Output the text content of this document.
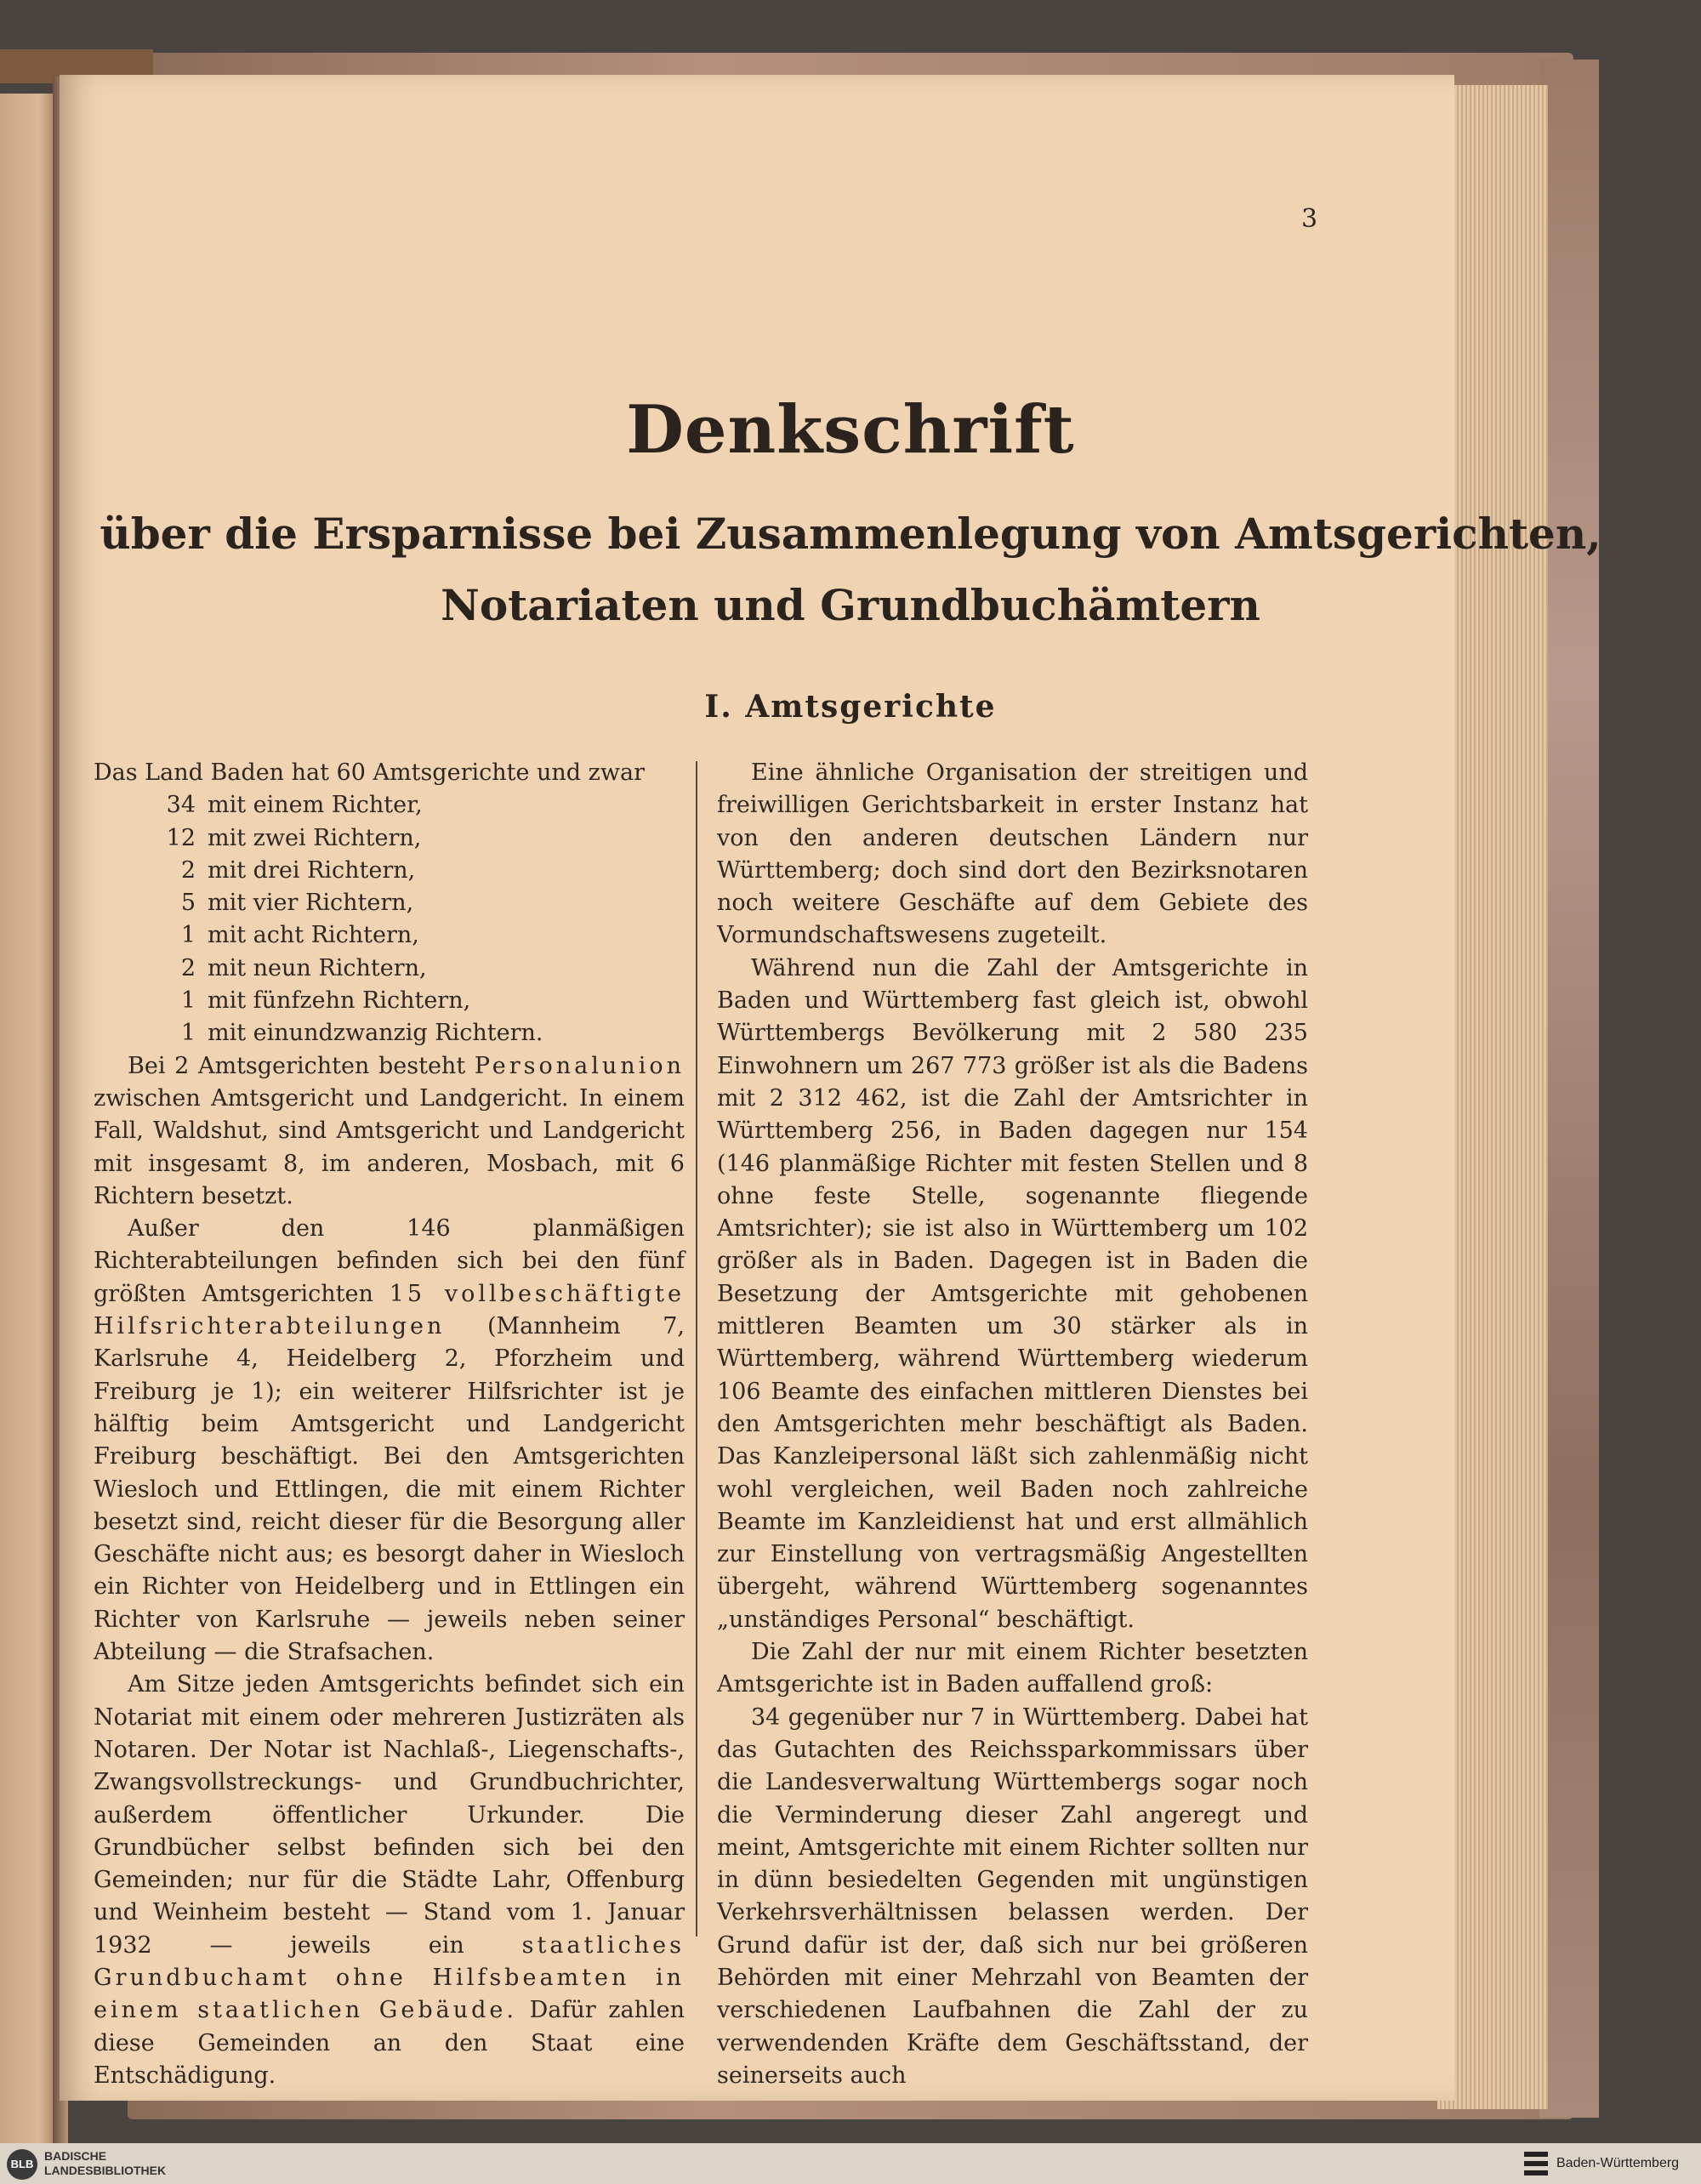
3
Denkschrift
über die Ersparnisse bei Zusammenlegung von Amtsgerichten,
Notariaten und Grundbuchämtern
I. Amtsgerichte

Das Land Baden hat 60 Amtsgerichte und zwar

34 mit einem Richter,
12 mit zwei Richtern,
2 mit drei Richtern,
5 mit vier Richtern,
1 mit acht Richtern,
2 mit neun Richtern,
1 mit fünfzehn Richtern,
1 mit einundzwanzig Richtern.

Bei 2 Amtsgerichten besteht Personalunion zwischen Amtsgericht und Landgericht. In einem Fall, Waldshut, sind Amtsgericht und Landgericht mit insgesamt 8, im anderen, Mosbach, mit 6 Richtern besetzt.

Außer den 146 planmäßigen Richterabteilungen befinden sich bei den fünf größten Amtsgerichten 15 vollbeschäftigte Hilfsrichterabteilungen (Mannheim 7, Karlsruhe 4, Heidelberg 2, Pforzheim und Freiburg je 1); ein weiterer Hilfsrichter ist je hälftig beim Amtsgericht und Landgericht Freiburg beschäftigt. Bei den Amtsgerichten Wiesloch und Ettlingen, die mit einem Richter besetzt sind, reicht dieser für die Besorgung aller Geschäfte nicht aus; es besorgt daher in Wiesloch ein Richter von Heidelberg und in Ettlingen ein Richter von Karlsruhe — jeweils neben seiner Abteilung — die Strafsachen.

Am Sitze jeden Amtsgerichts befindet sich ein Notariat mit einem oder mehreren Justizräten als Notaren. Der Notar ist Nachlaß-, Liegenschafts-, Zwangsvollstreckungs- und Grundbuchrichter, außerdem öffentlicher Urkunder. Die Grundbücher selbst befinden sich bei den Gemeinden; nur für die Städte Lahr, Offenburg und Weinheim besteht — Stand vom 1. Januar 1932 — jeweils ein	staatliches Grundbuchamt ohne Hilfsbeamten in einem staatlichen Gebäude. Dafür zahlen diese Gemeinden an den Staat eine Entschädigung.

Eine ähnliche Organisation der streitigen und freiwilligen Gerichtsbarkeit in erster Instanz hat von den anderen deutschen Ländern nur Württemberg; doch sind dort den Bezirksnotaren noch weitere Geschäfte auf dem Gebiete des Vormundschaftswesens zugeteilt.

Während nun die Zahl der Amtsgerichte in Baden und Württemberg fast gleich ist, obwohl Württembergs Bevölkerung mit 2 580 235 Einwohnern um 267 773 größer ist als die Badens mit 2 312 462, ist die Zahl der Amtsrichter in Württemberg 256, in Baden dagegen nur 154 (146 planmäßige Richter mit festen Stellen und 8 ohne feste Stelle, sogenannte fliegende Amtsrichter); sie ist also in Württemberg um 102 größer als in Baden. Dagegen ist in Baden die Besetzung der Amtsgerichte mit gehobenen mittleren Beamten um 30 stärker als in Württemberg, während Württemberg wiederum 106 Beamte des einfachen mittleren Dienstes bei den Amtsgerichten mehr beschäftigt als Baden. Das Kanzleipersonal läßt sich zahlenmäßig nicht wohl vergleichen, weil Baden noch zahlreiche Beamte im Kanzleidienst hat und erst allmählich zur Einstellung von vertragsmäßig Angestellten übergeht, während Württemberg sogenanntes „unständiges Personal“ beschäftigt.

Die Zahl der nur mit einem Richter besetzten Amtsgerichte ist in Baden auffallend groß:

34 gegenüber nur 7 in Württemberg. Dabei hat das Gutachten des Reichssparkommissars über die Landesverwaltung Württembergs sogar noch die Verminderung dieser Zahl angeregt und meint, Amtsgerichte mit einem Richter sollten nur in dünn besiedelten Gegenden mit ungünstigen Verkehrsverhältnissen belassen werden. Der Grund dafür ist der, daß sich nur bei größeren Behörden mit einer Mehrzahl von Beamten der verschiedenen Laufbahnen die Zahl der zu verwendenden Kräfte dem Geschäftsstand, der seinerseits auch

BLB
BADISCHE
LANDESBIBLIOTHEK	Baden-Württemberg
